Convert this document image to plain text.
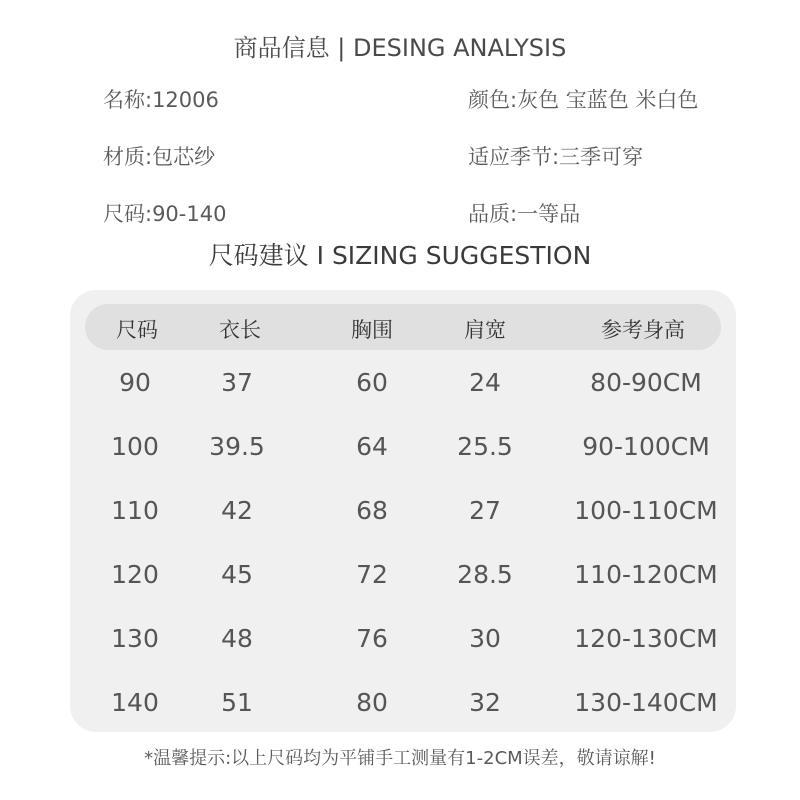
商品信息 | DESING ANALYSIS
名称:12006	颜色:灰色 宝蓝色 米白色
材质:包芯纱	适应季节:三季可穿
尺码:90-140	品质:一等品
尺码建议 I SIZING SUGGESTION
尺码	衣长	胸围	肩宽	参考身高
90	37	60	24	80-90CM
100 39.5	64	25.5	90-100CM
110 42	68	27	100-110CM
120 45	72	28.5 110-120CM
130 48	76	30	120-130CM
140 51	80	32	130-140CM
*温馨提示:以上尺码均为平铺手工测量有1-2CM误差，敬请谅解!
